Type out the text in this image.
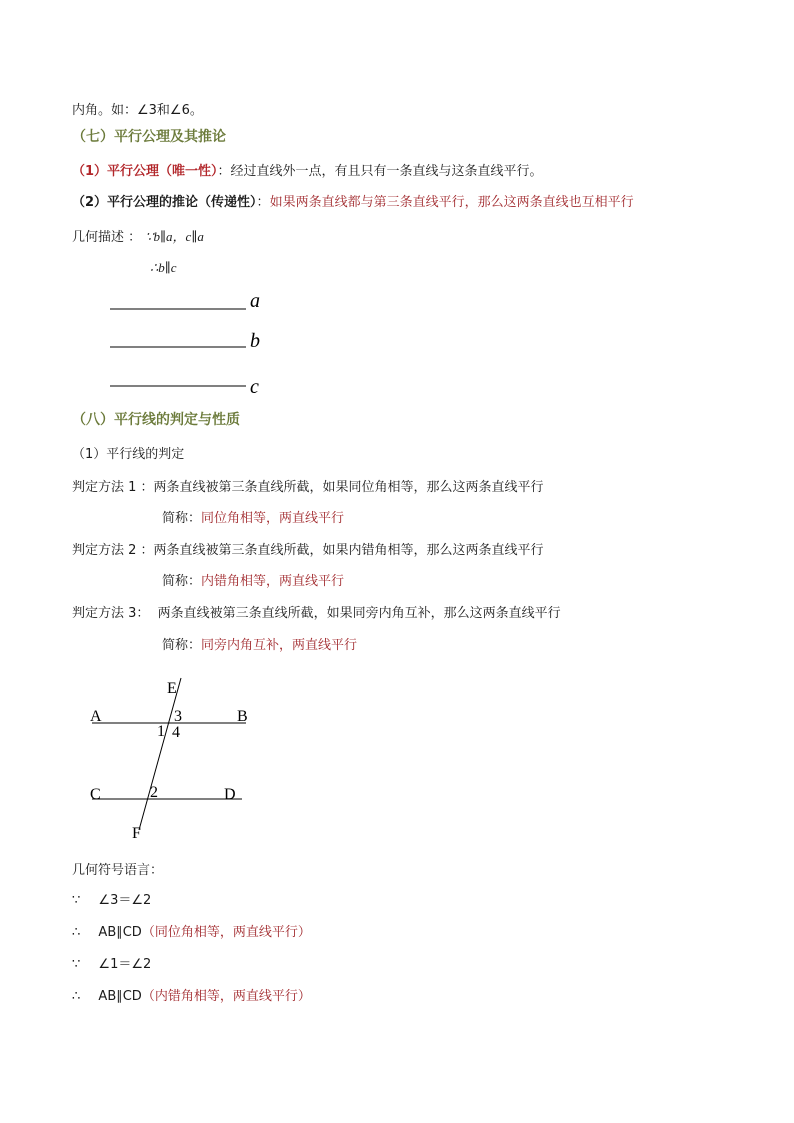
内角。如：∠3和∠6。
（七）平行公理及其推论
（1）平行公理（唯一性）：经过直线外一点，有且只有一条直线与这条直线平行。
（2）平行公理的推论（传递性）：如果两条直线都与第三条直线平行，那么这两条直线也互相平行
几何描述 ： ∵b∥a，c∥a
∴b∥c
a
b
c
（八）平行线的判定与性质
（1）平行线的判定
判定方法 1 ：两条直线被第三条直线所截，如果同位角相等，那么这两条直线平行
简称：同位角相等，两直线平行
判定方法 2 ：两条直线被第三条直线所截，如果内错角相等，那么这两条直线平行
简称：内错角相等，两直线平行
判定方法 3： 两条直线被第三条直线所截，如果同旁内角互补，那么这两条直线平行
简称：同旁内角互补，两直线平行
E
A	3	B
1 4
C	2	D
F
几何符号语言：
∵ ∠3＝∠2
∴ AB∥CD（同位角相等，两直线平行）
∵ ∠1＝∠2
∴ AB∥CD（内错角相等，两直线平行）
